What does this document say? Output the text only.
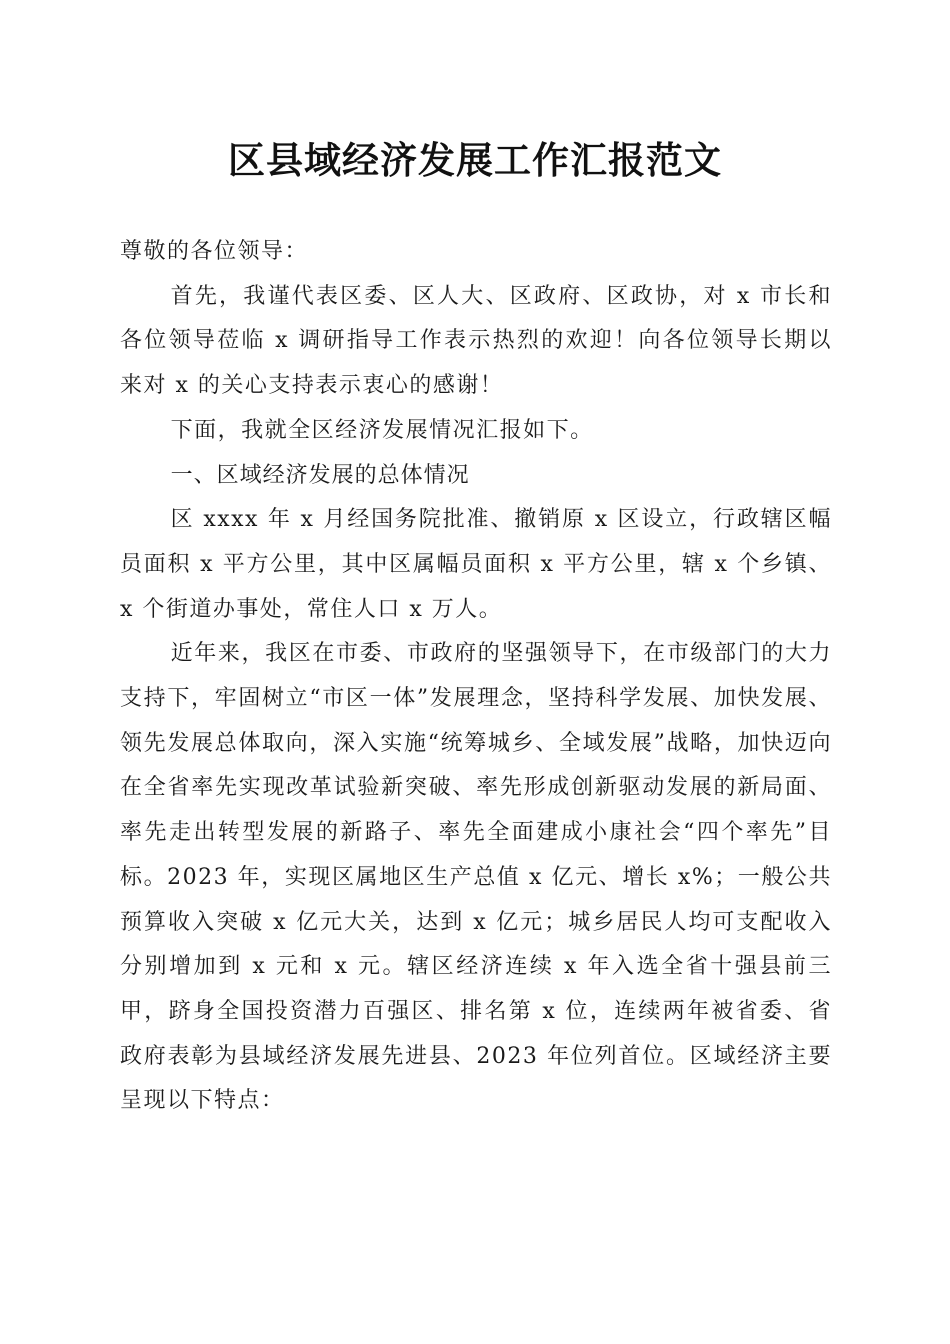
区县域经济发展工作汇报范文

尊敬的各位领导：

首先，我谨代表区委、区人大、区政府、区政协，对 x 市长和各位领导莅临 x 调研指导工作表示热烈的欢迎！向各位领导长期以来对 x 的关心支持表示衷心的感谢！

下面，我就全区经济发展情况汇报如下。

一、区域经济发展的总体情况

区 xxxx 年 x 月经国务院批准、撤销原 x 区设立，行政辖区幅员面积 x 平方公里，其中区属幅员面积 x 平方公里，辖 x 个乡镇、x 个街道办事处，常住人口 x 万人。

近年来，我区在市委、市政府的坚强领导下，在市级部门的大力支持下，牢固树立“市区一体”发展理念，坚持科学发展、加快发展、领先发展总体取向，深入实施“统筹城乡、全域发展”战略，加快迈向在全省率先实现改革试验新突破、率先形成创新驱动发展的新局面、率先走出转型发展的新路子、率先全面建成小康社会“四个率先”目标。2023 年，实现区属地区生产总值 x 亿元、增长 x%；一般公共预算收入突破 x 亿元大关，达到 x 亿元；城乡居民人均可支配收入分别增加到 x 元和 x 元。辖区经济连续 x 年入选全省十强县前三甲，跻身全国投资潜力百强区、排名第 x 位，连续两年被省委、省政府表彰为县域经济发展先进县、2023 年位列首位。区域经济主要呈现以下特点：
